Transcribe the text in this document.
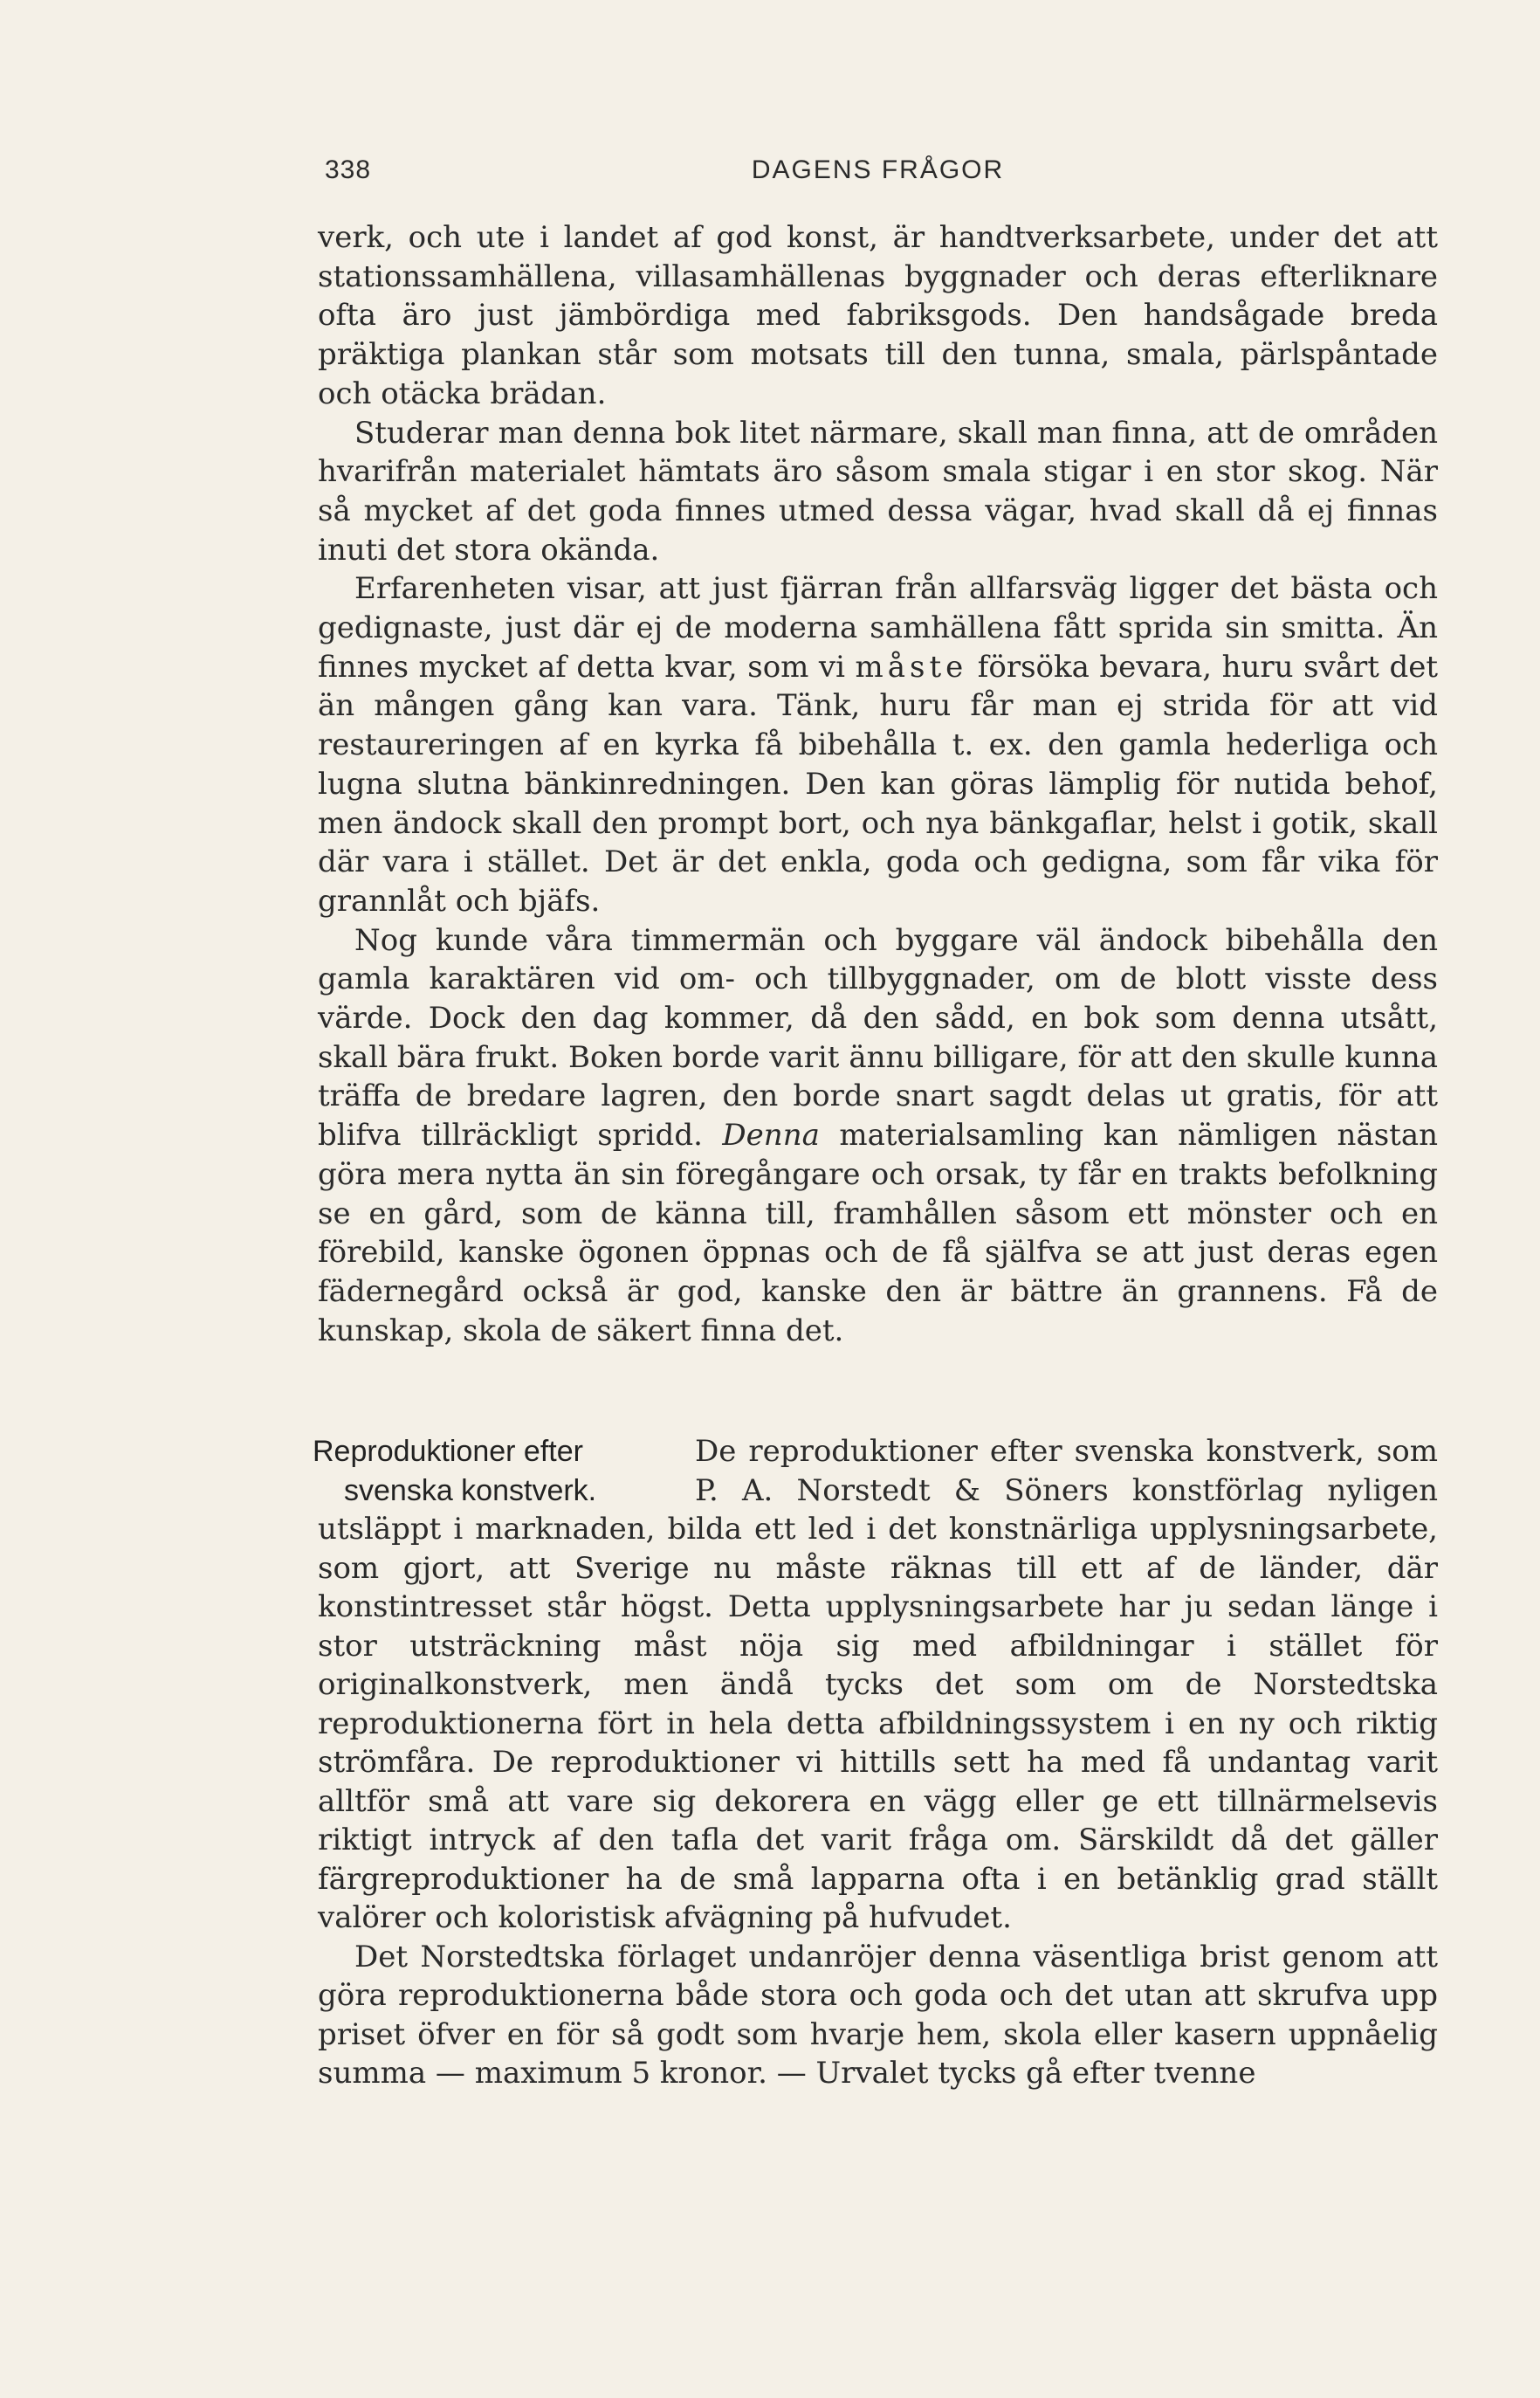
338	DAGENS FRÅGOR

verk, och ute i landet af god konst, är handtverksarbete, under det att stationssamhällena, villasamhällenas byggnader och deras efterliknare ofta äro just jämbördiga med fabriksgods. Den handsågade breda präktiga plankan står som motsats till den tunna, smala, pärlspåntade och otäcka brädan.

Studerar man denna bok litet närmare, skall man finna, att de områden hvarifrån materialet hämtats äro såsom smala stigar i en stor skog. När så mycket af det goda finnes utmed dessa vägar, hvad skall då ej finnas inuti det stora okända.

Erfarenheten visar, att just fjärran från allfarsväg ligger det bästa och gedignaste, just där ej de moderna samhällena fått sprida sin smitta. Än finnes mycket af detta kvar, som vi måste försöka bevara, huru svårt det än mången gång kan vara. Tänk, huru får man ej strida för att vid restaureringen af en kyrka få bibehålla t. ex. den gamla hederliga och lugna slutna bänkinredningen. Den kan göras lämplig för nutida behof, men ändock skall den prompt bort, och nya bänkgaflar, helst i gotik, skall där vara i stället. Det är det enkla, goda och gedigna, som får vika för grannlåt och bjäfs.

Nog kunde våra timmermän och byggare väl ändock bibehålla den gamla karaktären vid om- och tillbyggnader, om de blott visste dess värde. Dock den dag kommer, då den sådd, en bok som denna utsått, skall bära frukt. Boken borde varit ännu billigare, för att den skulle kunna träffa de bredare lagren, den borde snart sagdt delas ut gratis, för att blifva tillräckligt spridd. Denna materialsamling kan nämligen nästan göra mera nytta än sin föregångare och orsak, ty får en trakts befolkning se en gård, som de känna till, framhållen såsom ett mönster och en förebild, kanske ögonen öppnas och de få själfva se att just deras egen fädernegård också är god, kanske den är bättre än grannens. Få de kunskap, skola de säkert finna det.

Reproduktioner efter
svenska konstverk.

De reproduktioner efter svenska konstverk, som P. A. Norstedt & Söners konstförlag nyligen utsläppt i marknaden, bilda ett led i det konstnärliga upplysningsarbete, som gjort, att Sverige nu måste räknas till ett af de länder, där konstintresset står högst. Detta upplysningsarbete har ju sedan länge i stor utsträckning måst nöja sig med afbildningar i stället för originalkonstverk, men ändå tycks det som om de Norstedtska reproduktionerna fört in hela detta afbildningssystem i en ny och riktig strömfåra. De reproduktioner vi hittills sett ha med få undantag varit alltför små att vare sig dekorera en vägg eller ge ett tillnärmelsevis riktigt intryck af den tafla det varit fråga om. Särskildt då det gäller färgreproduktioner ha de små lapparna ofta i en betänklig grad ställt valörer och koloristisk afvägning på hufvudet.

Det Norstedtska förlaget undanröjer denna väsentliga brist genom att göra reproduktionerna både stora och goda och det utan att skrufva upp priset öfver en för så godt som hvarje hem, skola eller kasern uppnåelig summa — maximum 5 kronor. — Urvalet tycks gå efter tvenne
